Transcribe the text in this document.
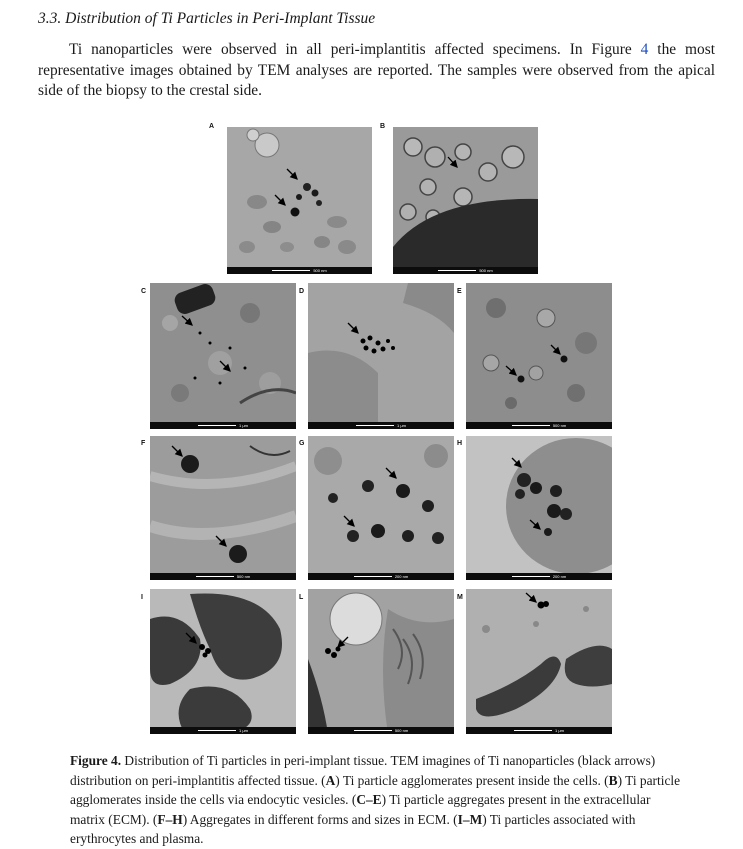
3.3. Distribution of Ti Particles in Peri-Implant Tissue

Ti nanoparticles were observed in all peri-implantitis affected specimens. In Figure 4 the most representative images obtained by TEM analyses are reported. The samples were observed from the apical side of the biopsy to the crestal side.

A	B
C	D	E
F	G	H
I	L	M
500 nm	500 nm
1 μm	1 μm	500 nm
500 nm	200 nm	200 nm
1 μm	500 nm	1 μm

Figure 4. Distribution of Ti particles in peri-implant tissue. TEM imagines of Ti nanoparticles (black arrows) distribution on peri-implantitis affected tissue. (A) Ti particle agglomerates present inside the cells. (B) Ti particle agglomerates inside the cells via endocytic vesicles. (C–E) Ti particle aggregates present in the extracellular matrix (ECM). (F–H) Aggregates in different forms and sizes in ECM. (I–M) Ti particles associated with erythrocytes and plasma.
